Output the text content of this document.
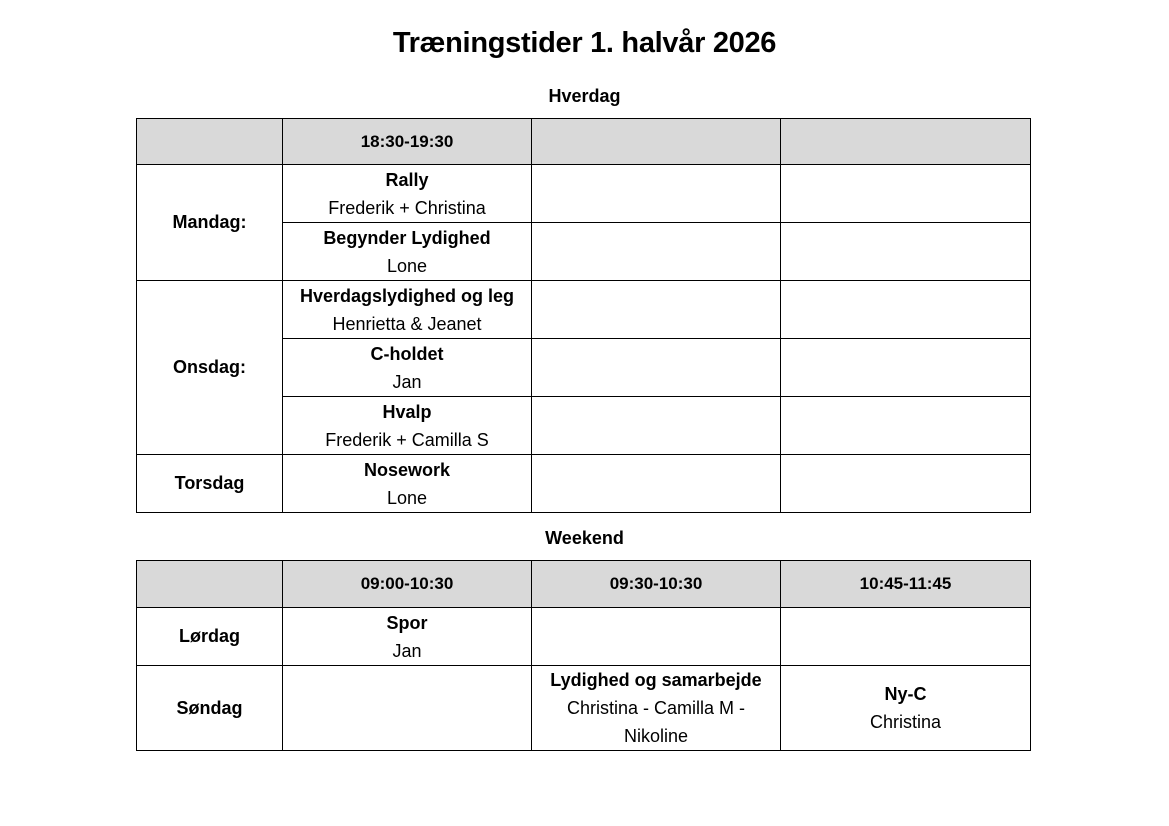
Træningstider 1. halvår 2026
Hverdag
	18:30-19:30		
Mandag:	Rally
Frederik + Christina		

	Begynder Lydighed
Lone		

Onsdag:	Hverdagslydighed og leg
Henrietta & Jeanet		

	C-holdet
Jan		

	Hvalp
Frederik + Camilla S		

Torsdag	Nosework
Lone		

Weekend
	09:00-10:30	09:30-10:30	10:45-11:45
Lørdag	Spor
Jan		

Søndag		Lydighed og samarbejde
Christina - Camilla M - Nikoline	Ny-C
Christina
